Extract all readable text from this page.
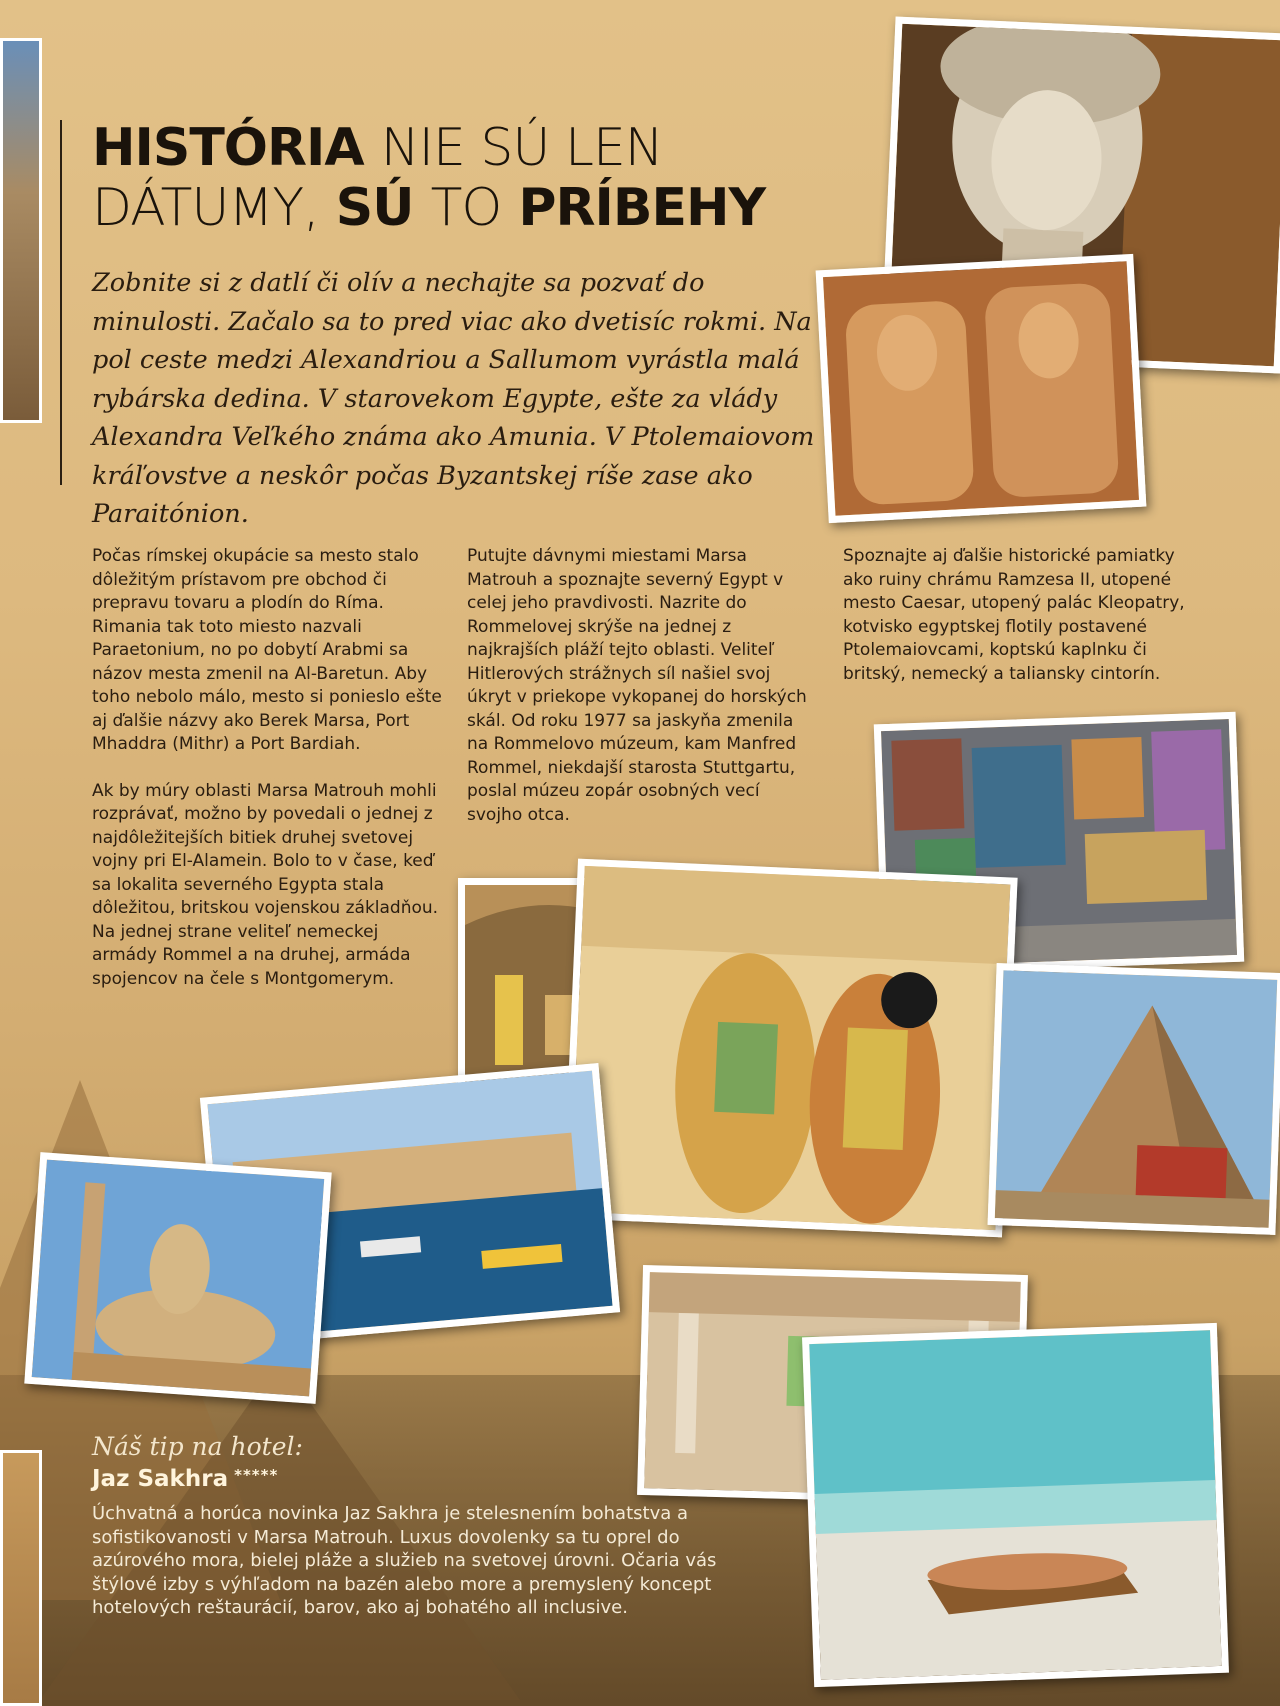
HISTÓRIA NIE SÚ LEN
DÁTUMY, SÚ TO PRÍBEHY

Zobnite si z datlí či olív a nechajte sa pozvať do minulosti. Začalo sa to pred viac ako dvetisíc rokmi. Na pol ceste medzi Alexandriou a Sallumom vyrástla malá rybárska dedina. V starovekom Egypte, ešte za vlády Alexandra Veľkého známa ako Amunia. V Ptolemaiovom kráľovstve a neskôr počas Byzantskej ríše zase ako Paraitónion.

Počas rímskej okupácie sa mesto stalo dôležitým prístavom pre obchod či prepravu tovaru a plodín do Ríma. Rimania tak toto miesto nazvali Paraetonium, no po dobytí Arabmi sa názov mesta zmenil na Al-Baretun. Aby toho nebolo málo, mesto si ponieslo ešte aj ďalšie názvy ako Berek Marsa, Port Mhaddra (Mithr) a Port Bardiah.

Ak by múry oblasti Marsa Matrouh mohli rozprávať, možno by povedali o jednej z najdôležitejších bitiek druhej svetovej vojny pri El-Alamein. Bolo to v čase, keď sa lokalita severného Egypta stala dôležitou, britskou vojenskou základňou. Na jednej strane veliteľ nemeckej armády Rommel a na druhej, armáda spojencov na čele s Montgomerym.

Putujte dávnymi miestami Marsa Matrouh a spoznajte severný Egypt v celej jeho pravdivosti. Nazrite do Rommelovej skrýše na jednej z najkrajších pláží tejto oblasti. Veliteľ Hitlerových strážnych síl našiel svoj úkryt v priekope vykopanej do horských skál. Od roku 1977 sa jaskyňa zmenila na Rommelovo múzeum, kam Manfred Rommel, niekdajší starosta Stuttgartu, poslal múzeu zopár osobných vecí svojho otca.

Spoznajte aj ďalšie historické pamiatky ako ruiny chrámu Ramzesa II, utopené mesto Caesar, utopený palác Kleopatry, kotvisko egyptskej flotily postavené Ptolemaiovcami, koptskú kaplnku či britský, nemecký a taliansky cintorín.

Náš tip na hotel:
Jaz Sakhra *****
Úchvatná a horúca novinka Jaz Sakhra je stelesnením bohatstva a sofistikovanosti v Marsa Matrouh. Luxus dovolenky sa tu oprel do azúrového mora, bielej pláže a služieb na svetovej úrovni. Očaria vás štýlové izby s výhľadom na bazén alebo more a premyslený koncept hotelových reštaurácií, barov, ako aj bohatého all inclusive.
